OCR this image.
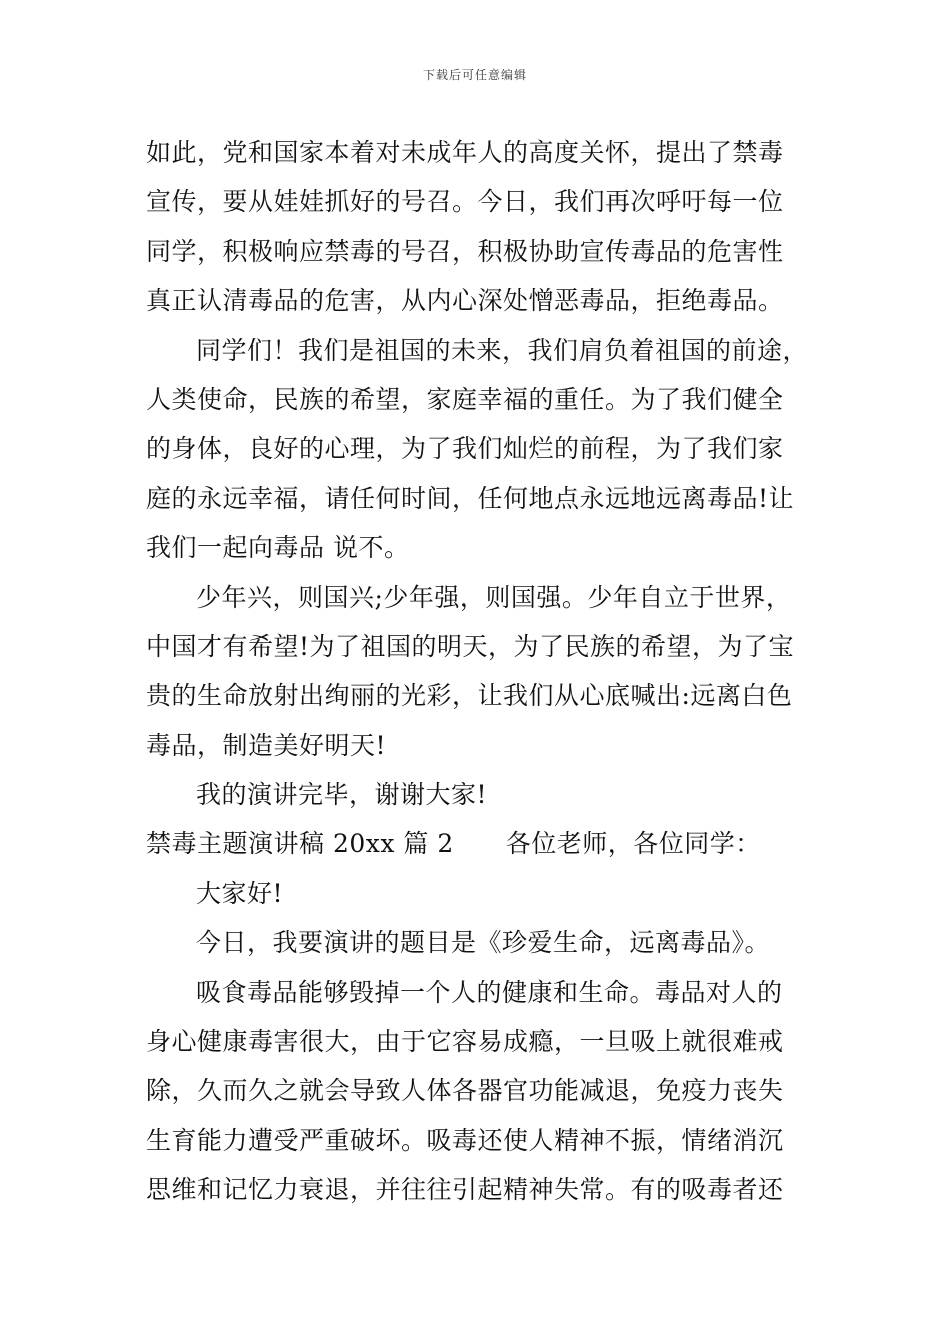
下载后可任意编辑
如此，党和国家本着对未成年人的高度关怀，提出了禁毒
宣传，要从娃娃抓好的号召。今日，我们再次呼吁每一位
同学，积极响应禁毒的号召，积极协助宣传毒品的危害性
真正认清毒品的危害，从内心深处憎恶毒品，拒绝毒品。
同学们！我们是祖国的未来，我们肩负着祖国的前途，
人类使命，民族的希望，家庭幸福的重任。为了我们健全
的身体，良好的心理，为了我们灿烂的前程，为了我们家
庭的永远幸福，请任何时间，任何地点永远地远离毒品!让
我们一起向毒品 说不。
少年兴，则国兴;少年强，则国强。少年自立于世界，
中国才有希望!为了祖国的明天，为了民族的希望，为了宝
贵的生命放射出绚丽的光彩，让我们从心底喊出:远离白色
毒品，制造美好明天!
我的演讲完毕，谢谢大家!
禁毒主题演讲稿 20xx 篇 2 各位老师，各位同学：
大家好!
今日，我要演讲的题目是《珍爱生命，远离毒品》。
吸食毒品能够毁掉一个人的健康和生命。毒品对人的
身心健康毒害很大，由于它容易成瘾，一旦吸上就很难戒
除，久而久之就会导致人体各器官功能减退，免疫力丧失
生育能力遭受严重破坏。吸毒还使人精神不振，情绪消沉
思维和记忆力衰退，并往往引起精神失常。有的吸毒者还
